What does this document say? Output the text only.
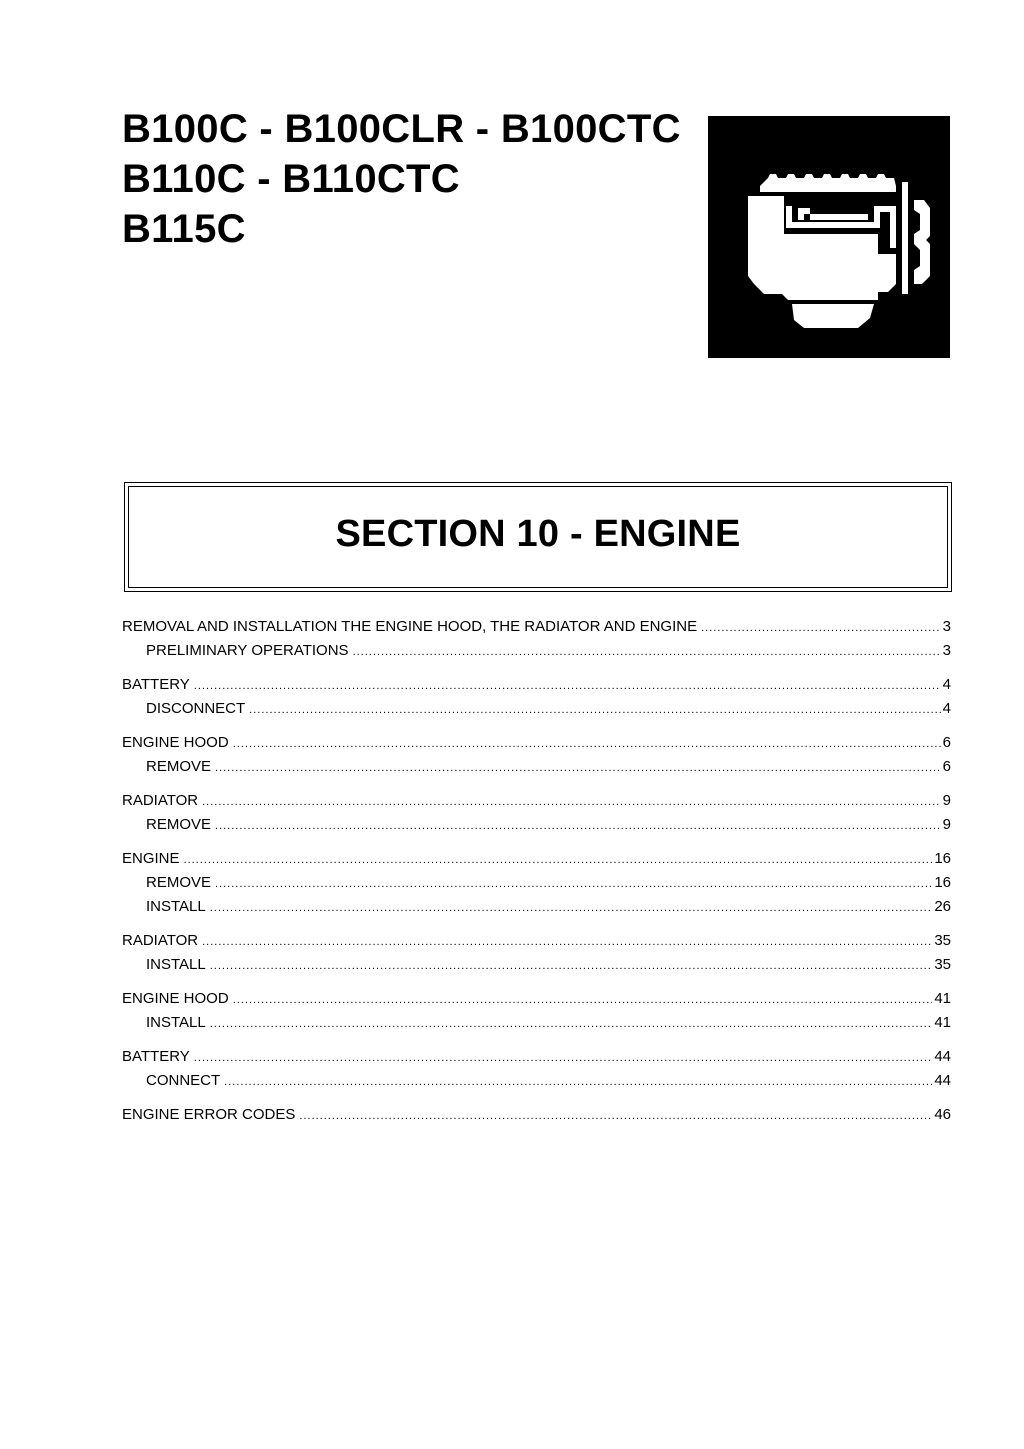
B100C - B100CLR - B100CTC
B110C - B110CTC
B115C
SECTION 10 - ENGINE
REMOVAL AND INSTALLATION THE ENGINE HOOD, THE RADIATOR AND ENGINE .....	3
PRELIMINARY OPERATIONS .....	3
BATTERY .....	4
DISCONNECT .....	4
ENGINE HOOD .....	6
REMOVE .....	6
RADIATOR .....	9
REMOVE .....	9
ENGINE .....	16
REMOVE .....	16
INSTALL .....	26
RADIATOR .....	35
INSTALL .....	35
ENGINE HOOD .....	41
INSTALL .....	41
BATTERY .....	44
CONNECT .....	44
ENGINE ERROR CODES .....	46
